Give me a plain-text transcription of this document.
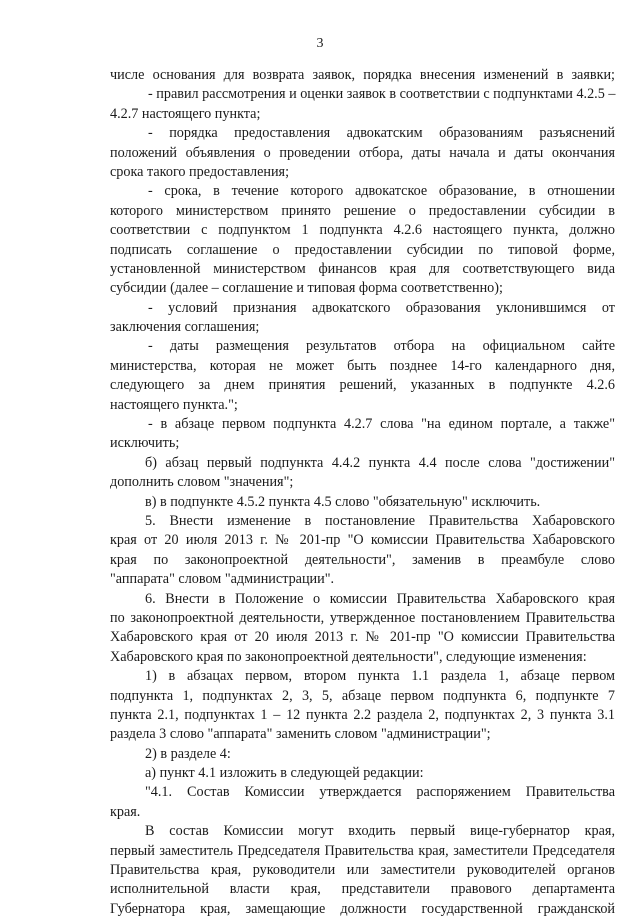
3
числе основания для возврата заявок, порядка внесения изменений в заявки;
- правил рассмотрения и оценки заявок в соответствии с подпунктами 4.2.5 –
4.2.7 настоящего пункта;
- порядка предоставления адвокатским образованиям разъяснений
положений объявления о проведении отбора, даты начала и даты окончания
срока такого предоставления;
- срока, в течение которого адвокатское образование, в отношении
которого министерством принято решение о предоставлении субсидии в
соответствии с подпунктом 1 подпункта 4.2.6 настоящего пункта, должно
подписать соглашение о предоставлении субсидии по типовой форме,
установленной министерством финансов края для соответствующего вида
субсидии (далее – соглашение и типовая форма соответственно);
- условий признания адвокатского образования уклонившимся от
заключения соглашения;
- даты размещения результатов отбора на официальном сайте
министерства, которая не может быть позднее 14-го календарного дня,
следующего за днем принятия решений, указанных в подпункте 4.2.6
настоящего пункта.";
- в абзаце первом подпункта 4.2.7 слова "на едином портале, а также"
исключить;
б) абзац первый подпункта 4.4.2 пункта 4.4 после слова "достижении"
дополнить словом "значения";
в) в подпункте 4.5.2 пункта 4.5 слово "обязательную" исключить.
5. Внести изменение в постановление Правительства Хабаровского
края от 20 июля 2013 г. № 201-пр "О комиссии Правительства Хабаровского
края по законопроектной деятельности", заменив в преамбуле слово
"аппарата" словом "администрации".
6. Внести в Положение о комиссии Правительства Хабаровского края
по законопроектной деятельности, утвержденное постановлением Правительства
Хабаровского края от 20 июля 2013 г. № 201-пр "О комиссии Правительства
Хабаровского края по законопроектной деятельности", следующие изменения:
1) в абзацах первом, втором пункта 1.1 раздела 1, абзаце первом
подпункта 1, подпунктах 2, 3, 5, абзаце первом подпункта 6, подпункте 7
пункта 2.1, подпунктах 1 – 12 пункта 2.2 раздела 2, подпунктах 2, 3 пункта 3.1
раздела 3 слово "аппарата" заменить словом "администрации";
2) в разделе 4:
а) пункт 4.1 изложить в следующей редакции:
"4.1. Состав Комиссии утверждается распоряжением Правительства
края.
В состав Комиссии могут входить первый вице-губернатор края,
первый заместитель Председателя Правительства края, заместители Председателя
Правительства края, руководители или заместители руководителей органов
исполнительной власти края, представители правового департамента
Губернатора края, замещающие должности государственной гражданской
